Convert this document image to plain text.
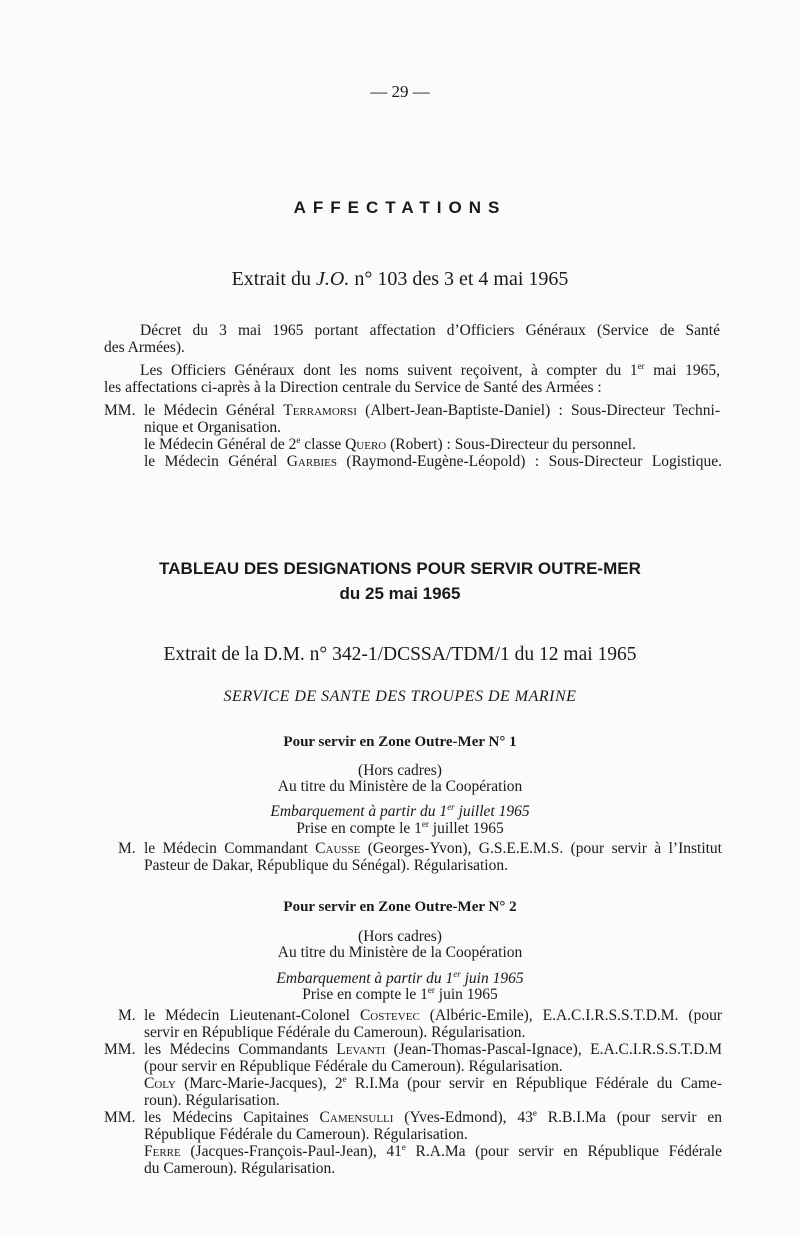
— 29 —
AFFECTATIONS
Extrait du J.O. n° 103 des 3 et 4 mai 1965
Décret du 3 mai 1965 portant affectation d’Officiers Généraux (Service de Santé
des Armées).
Les Officiers Généraux dont les noms suivent reçoivent, à compter du 1er mai 1965,
les affectations ci-après à la Direction centrale du Service de Santé des Armées :
MM. le Médecin Général Terramorsi (Albert-Jean-Baptiste-Daniel) : Sous-Directeur Techni-
nique et Organisation.
le Médecin Général de 2e classe Quero (Robert) : Sous-Directeur du personnel.
le Médecin Général Garbies (Raymond-Eugène-Léopold) : Sous-Directeur Logistique.
TABLEAU DES DESIGNATIONS POUR SERVIR OUTRE-MER
du 25 mai 1965
Extrait de la D.M. n° 342-1/DCSSA/TDM/1 du 12 mai 1965
SERVICE DE SANTE DES TROUPES DE MARINE
Pour servir en Zone Outre-Mer N° 1
(Hors cadres)
Au titre du Ministère de la Coopération
Embarquement à partir du 1er juillet 1965
Prise en compte le 1er juillet 1965
M. le Médecin Commandant Causse (Georges-Yvon), G.S.E.E.M.S. (pour servir à l’Institut
Pasteur de Dakar, République du Sénégal). Régularisation.
Pour servir en Zone Outre-Mer N° 2
(Hors cadres)
Au titre du Ministère de la Coopération
Embarquement à partir du 1er juin 1965
Prise en compte le 1er juin 1965
M. le Médecin Lieutenant-Colonel Costevec (Albéric-Emile), E.A.C.I.R.S.S.T.D.M. (pour
servir en République Fédérale du Cameroun). Régularisation.
MM. les Médecins Commandants Levanti (Jean-Thomas-Pascal-Ignace), E.A.C.I.R.S.S.T.D.M
(pour servir en République Fédérale du Cameroun). Régularisation.
Coly (Marc-Marie-Jacques), 2e R.I.Ma (pour servir en République Fédérale du Came-
roun). Régularisation.
MM. les Médecins Capitaines Camensulli (Yves-Edmond), 43e R.B.I.Ma (pour servir en
République Fédérale du Cameroun). Régularisation.
Ferre (Jacques-François-Paul-Jean), 41e R.A.Ma (pour servir en République Fédérale
du Cameroun). Régularisation.
